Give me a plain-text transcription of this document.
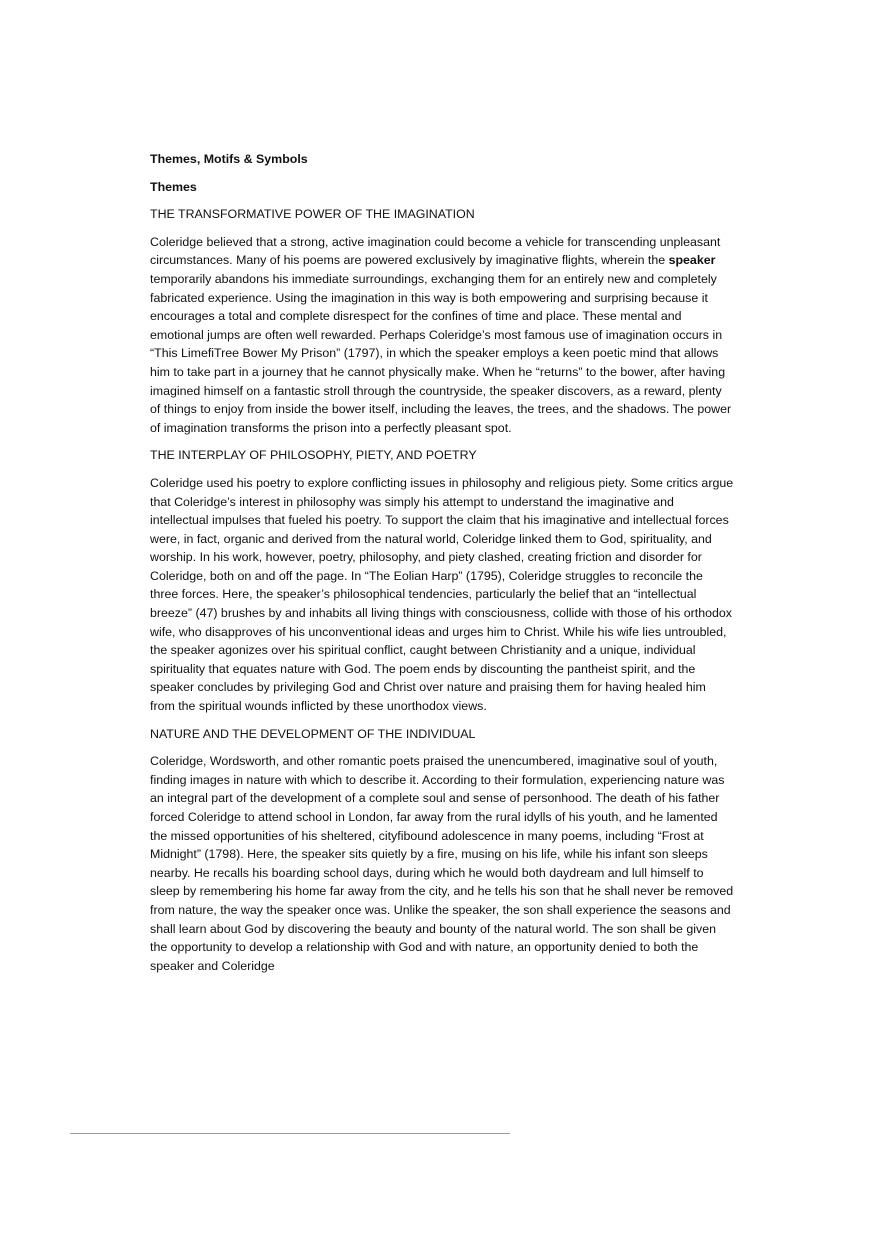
Themes, Motifs & Symbols
Themes
THE TRANSFORMATIVE POWER OF THE IMAGINATION
Coleridge believed that a strong, active imagination could become a vehicle for transcending unpleasant circumstances. Many of his poems are powered exclusively by imaginative flights, wherein the speaker temporarily abandons his immediate surroundings, exchanging them for an entirely new and completely fabricated experience. Using the imagination in this way is both empowering and surprising because it encourages a total and complete disrespect for the confines of time and place. These mental and emotional jumps are often well rewarded. Perhaps Coleridge’s most famous use of imagination occurs in “This LimefiTree Bower My Prison” (1797), in which the speaker employs a keen poetic mind that allows him to take part in a journey that he cannot physically make. When he “returns” to the bower, after having imagined himself on a fantastic stroll through the countryside, the speaker discovers, as a reward, plenty of things to enjoy from inside the bower itself, including the leaves, the trees, and the shadows. The power of imagination transforms the prison into a perfectly pleasant spot.
THE INTERPLAY OF PHILOSOPHY, PIETY, AND POETRY
Coleridge used his poetry to explore conflicting issues in philosophy and religious piety. Some critics argue that Coleridge’s interest in philosophy was simply his attempt to understand the imaginative and intellectual impulses that fueled his poetry. To support the claim that his imaginative and intellectual forces were, in fact, organic and derived from the natural world, Coleridge linked them to God, spirituality, and worship. In his work, however, poetry, philosophy, and piety clashed, creating friction and disorder for Coleridge, both on and off the page. In “The Eolian Harp” (1795), Coleridge struggles to reconcile the three forces. Here, the speaker’s philosophical tendencies, particularly the belief that an “intellectual breeze” (47) brushes by and inhabits all living things with consciousness, collide with those of his orthodox wife, who disapproves of his unconventional ideas and urges him to Christ. While his wife lies untroubled, the speaker agonizes over his spiritual conflict, caught between Christianity and a unique, individual spirituality that equates nature with God. The poem ends by discounting the pantheist spirit, and the speaker concludes by privileging God and Christ over nature and praising them for having healed him from the spiritual wounds inflicted by these unorthodox views.
NATURE AND THE DEVELOPMENT OF THE INDIVIDUAL
Coleridge, Wordsworth, and other romantic poets praised the unencumbered, imaginative soul of youth, finding images in nature with which to describe it. According to their formulation, experiencing nature was an integral part of the development of a complete soul and sense of personhood. The death of his father forced Coleridge to attend school in London, far away from the rural idylls of his youth, and he lamented the missed opportunities of his sheltered, cityfibound adolescence in many poems, including “Frost at Midnight” (1798). Here, the speaker sits quietly by a fire, musing on his life, while his infant son sleeps nearby. He recalls his boarding school days, during which he would both daydream and lull himself to sleep by remembering his home far away from the city, and he tells his son that he shall never be removed from nature, the way the speaker once was. Unlike the speaker, the son shall experience the seasons and shall learn about God by discovering the beauty and bounty of the natural world. The son shall be given the opportunity to develop a relationship with God and with nature, an opportunity denied to both the speaker and Coleridge
